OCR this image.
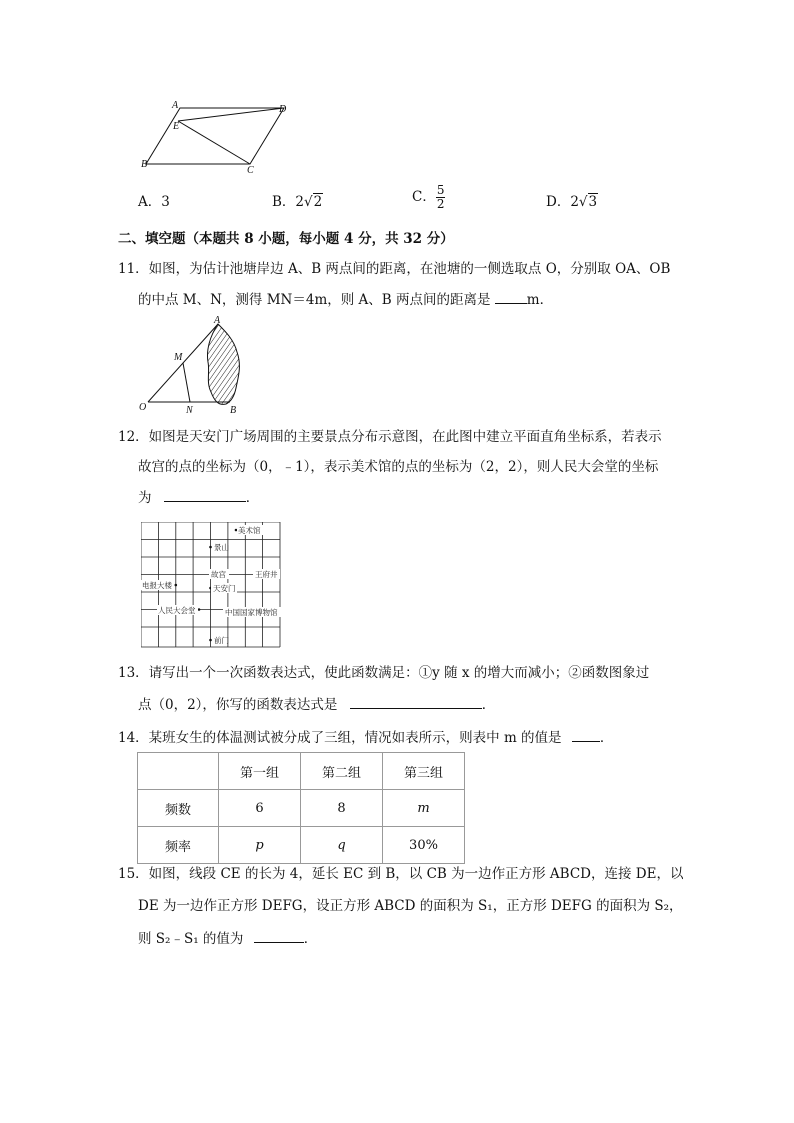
A	D
E
B
C
A．3	B．2√2	C． $\frac{5}{2}$	D．2√3
二、填空题（本题共 8 小题，每小题 4 分，共 32 分）
11．如图，为估计池塘岸边 A、B 两点间的距离，在池塘的一侧选取点 O，分别取 OA、OB
的中点 M、N，测得 MN＝4m，则 A、B 两点间的距离是	m．
A
M
O	N	B
12．如图是天安门广场周围的主要景点分布示意图，在此图中建立平面直角坐标系，若表示
故宫的点的坐标为（0，﹣1），表示美术馆的点的坐标为（2，2），则人民大会堂的坐标
为	．
美术馆
景山
故宫	王府井
电报大楼	天安门
人民大会堂	中国国家博物馆
前门
13．请写出一个一次函数表达式，使此函数满足：①y 随 x 的增大而减小；②函数图象过
点（0，2），你写的函数表达式是	．
14．某班女生的体温测试被分成了三组，情况如表所示，则表中 m 的值是	．
	第一组	第二组	第三组
频数	6	8	m
频率	p	q	30%
15．如图，线段 CE 的长为 4，延长 EC 到 B，以 CB 为一边作正方形 ABCD，连接 DE，以
DE 为一边作正方形 DEFG，设正方形 ABCD 的面积为 S₁，正方形 DEFG 的面积为 S₂，
则 S₂﹣S₁ 的值为	．
